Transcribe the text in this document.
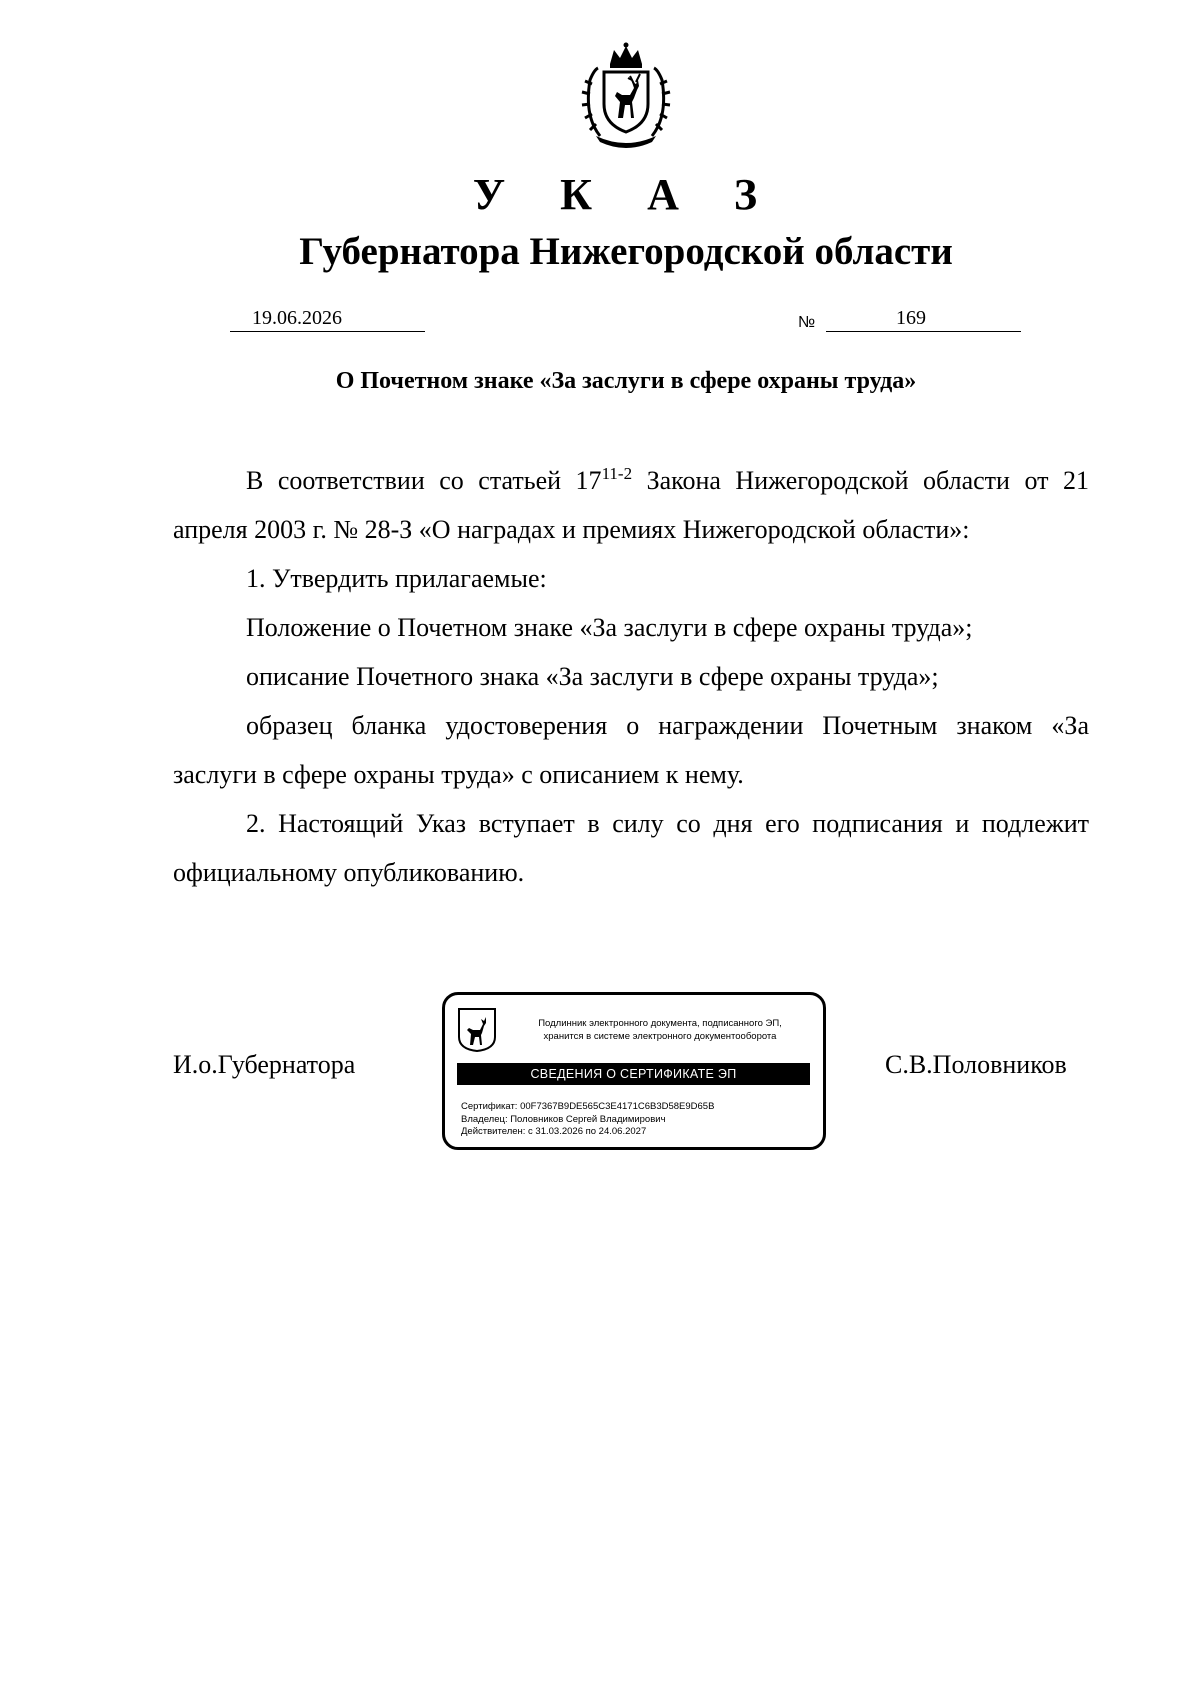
У К А З
Губернатора Нижегородской области
19.06.2026	№	169
О Почетном знаке «За заслуги в сфере охраны труда»

В соответствии со статьей 17$^{11-2}$ Закона Нижегородской области от 21 апреля 2003 г. № 28-З «О наградах и премиях Нижегородской области»:

1. Утвердить прилагаемые:

Положение о Почетном знаке «За заслуги в сфере охраны труда»;

описание Почетного знака «За заслуги в сфере охраны труда»;

образец бланка удостоверения о награждении Почетным знаком «За заслуги в сфере охраны труда» с описанием к нему.

2. Настоящий Указ вступает в силу со дня его подписания и подлежит официальному опубликованию.

И.о.Губернатора	С.В.Половников
Подлинник электронного документа, подписанного ЭП,
хранится в системе электронного документооборота
СВЕДЕНИЯ О СЕРТИФИКАТЕ ЭП
Сертификат: 00F7367B9DE565C3E4171C6B3D58E9D65B
Владелец: Половников Сергей Владимирович
Действителен: с 31.03.2026 по 24.06.2027
